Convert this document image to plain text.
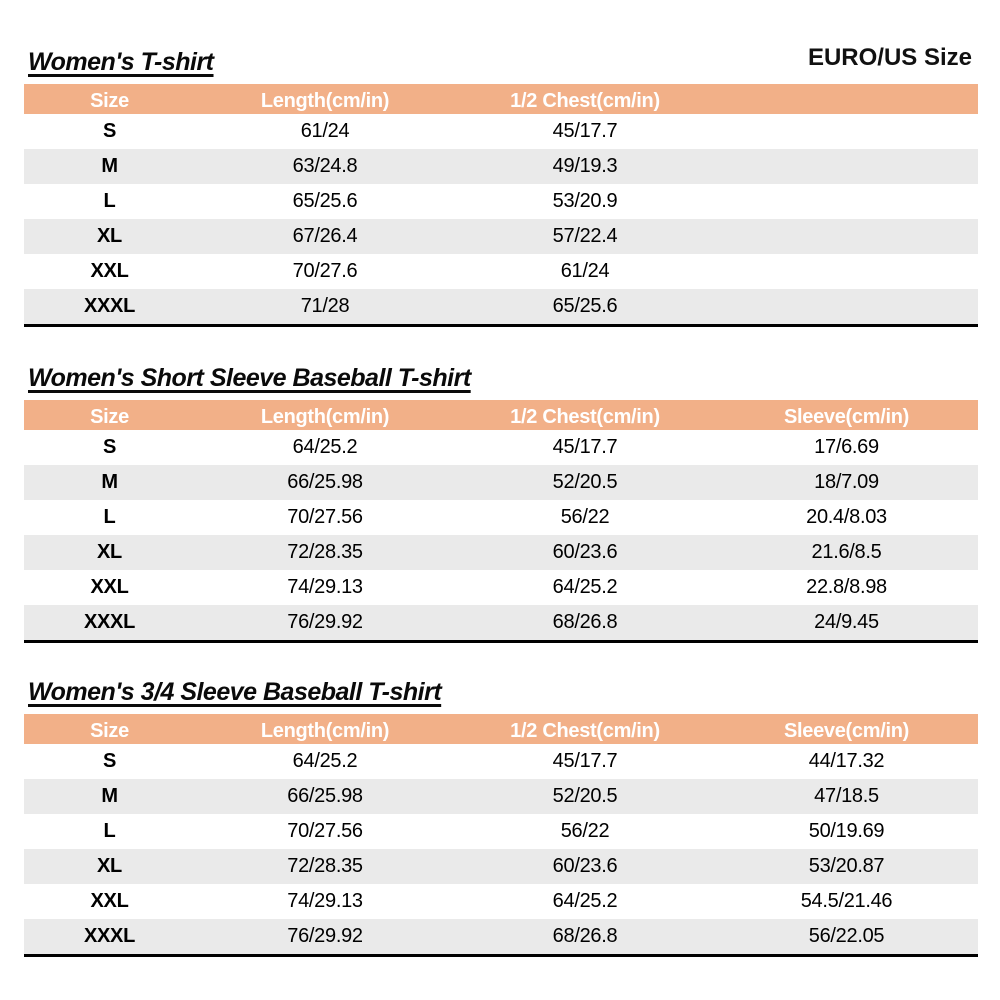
EURO/US Size
Women's T-shirt
Size	Length(cm/in)	1/2 Chest(cm/in)
S	61/24	45/17.7
M	63/24.8	49/19.3
L	65/25.6	53/20.9
XL	67/26.4	57/22.4
XXL	70/27.6	61/24
XXXL	71/28	65/25.6
Women's Short Sleeve Baseball T-shirt
Size	Length(cm/in)	1/2 Chest(cm/in)	Sleeve(cm/in)
S	64/25.2	45/17.7	17/6.69
M	66/25.98	52/20.5	18/7.09
L	70/27.56	56/22	20.4/8.03
XL	72/28.35	60/23.6	21.6/8.5
XXL	74/29.13	64/25.2	22.8/8.98
XXXL	76/29.92	68/26.8	24/9.45
Women's 3/4 Sleeve Baseball T-shirt
Size	Length(cm/in)	1/2 Chest(cm/in)	Sleeve(cm/in)
S	64/25.2	45/17.7	44/17.32
M	66/25.98	52/20.5	47/18.5
L	70/27.56	56/22	50/19.69
XL	72/28.35	60/23.6	53/20.87
XXL	74/29.13	64/25.2	54.5/21.46
XXXL	76/29.92	68/26.8	56/22.05
